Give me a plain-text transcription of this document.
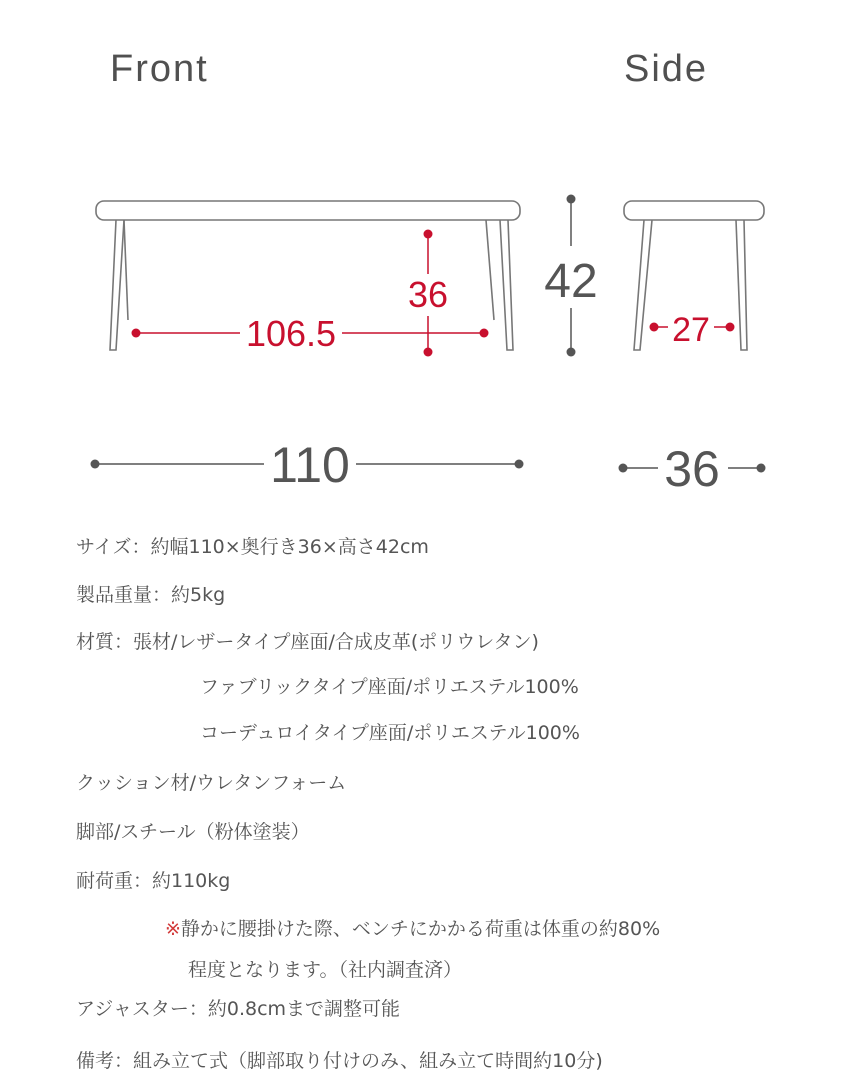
Front	Side
36
106.5
42
27
110	36
サイズ：約幅110×奥行き36×高さ42cm
製品重量：約5kg
材質：張材/レザータイプ座面/合成皮革(ポリウレタン)
ファブリックタイプ座面/ポリエステル100%
コーデュロイタイプ座面/ポリエステル100%
クッション材/ウレタンフォーム
脚部/スチール（粉体塗装）
耐荷重：約110kg
※静かに腰掛けた際、ベンチにかかる荷重は体重の約80%
程度となります。（社内調査済）
アジャスター：約0.8cmまで調整可能
備考：組み立て式（脚部取り付けのみ、組み立て時間約10分)
